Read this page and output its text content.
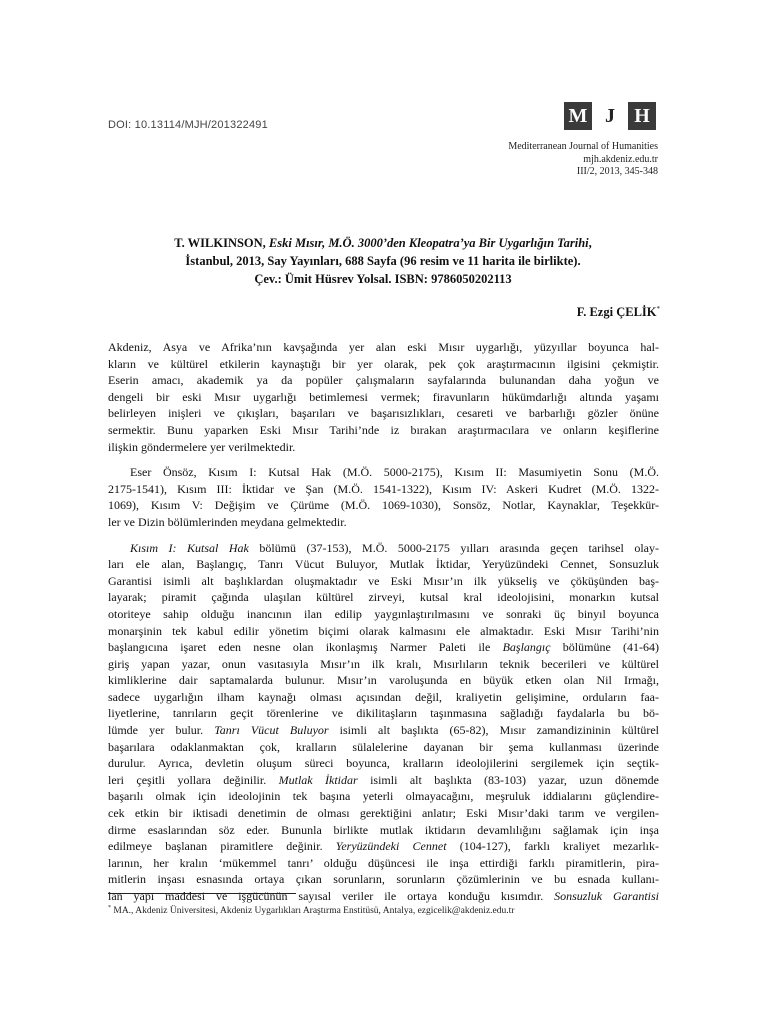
DOI: 10.13114/MJH/201322491	M J H
Mediterranean Journal of Humanities
mjh.akdeniz.edu.tr
III/2, 2013, 345-348
T. WILKINSON, Eski Mısır, M.Ö. 3000’den Kleopatra’ya Bir Uygarlığın Tarihi,
İstanbul, 2013, Say Yayınları, 688 Sayfa (96 resim ve 11 harita ile birlikte).
Çev.: Ümit Hüsrev Yolsal. ISBN: 9786050202113
F. Ezgi ÇELİK*

Akdeniz, Asya ve Afrika’nın kavşağında yer alan eski Mısır uygarlığı, yüzyıllar boyunca hal-
kların ve kültürel etkilerin kaynaştığı bir yer olarak, pek çok araştırmacının ilgisini çekmiştir.
Eserin amacı, akademik ya da popüler çalışmaların sayfalarında bulunandan daha yoğun ve
dengeli bir eski Mısır uygarlığı betimlemesi vermek; firavunların hükümdarlığı altında yaşamı
belirleyen inişleri ve çıkışları, başarıları ve başarısızlıkları, cesareti ve barbarlığı gözler önüne
sermektir. Bunu yaparken Eski Mısır Tarihi’nde iz bırakan araştırmacılara ve onların keşiflerine
ilişkin göndermelere yer verilmektedir.

Eser Önsöz, Kısım I: Kutsal Hak (M.Ö. 5000-2175), Kısım II: Masumiyetin Sonu (M.Ö.
2175-1541), Kısım III: İktidar ve Şan (M.Ö. 1541-1322), Kısım IV: Askeri Kudret (M.Ö. 1322-
1069), Kısım V: Değişim ve Çürüme (M.Ö. 1069-1030), Sonsöz, Notlar, Kaynaklar, Teşekkür-
ler ve Dizin bölümlerinden meydana gelmektedir.

Kısım I: Kutsal Hak bölümü (37-153), M.Ö. 5000-2175 yılları arasında geçen tarihsel olay-
ları ele alan, Başlangıç, Tanrı Vücut Buluyor, Mutlak İktidar, Yeryüzündeki Cennet, Sonsuzluk
Garantisi isimli alt başlıklardan oluşmaktadır ve Eski Mısır’ın ilk yükseliş ve çöküşünden baş-
layarak; piramit çağında ulaşılan kültürel zirveyi, kutsal kral ideolojisini, monarkın kutsal
otoriteye sahip olduğu inancının ilan edilip yaygınlaştırılmasını ve sonraki üç binyıl boyunca
monarşinin tek kabul edilir yönetim biçimi olarak kalmasını ele almaktadır. Eski Mısır Tarihi’nin
başlangıcına işaret eden nesne olan ikonlaşmış Narmer Paleti ile Başlangıç bölümüne (41-64)
giriş yapan yazar, onun vasıtasıyla Mısır’ın ilk kralı, Mısırlıların teknik becerileri ve kültürel
kimliklerine dair saptamalarda bulunur. Mısır’ın varoluşunda en büyük etken olan Nil Irmağı,
sadece uygarlığın ilham kaynağı olması açısından değil, kraliyetin gelişimine, orduların faa-
liyetlerine, tanrıların geçit törenlerine ve dikilitaşların taşınmasına sağladığı faydalarla bu bö-
lümde yer bulur. Tanrı Vücut Buluyor isimli alt başlıkta (65-82), Mısır zamandizininin kültürel
başarılara odaklanmaktan çok, kralların sülalelerine dayanan bir şema kullanması üzerinde
durulur. Ayrıca, devletin oluşum süreci boyunca, kralların ideolojilerini sergilemek için seçtik-
leri çeşitli yollara değinilir. Mutlak İktidar isimli alt başlıkta (83-103) yazar, uzun dönemde
başarılı olmak için ideolojinin tek başına yeterli olmayacağını, meşruluk iddialarını güçlendire-
cek etkin bir iktisadi denetimin de olması gerektiğini anlatır; Eski Mısır’daki tarım ve vergilen-
dirme esaslarından söz eder. Bununla birlikte mutlak iktidarın devamlılığını sağlamak için inşa
edilmeye başlanan piramitlere değinir. Yeryüzündeki Cennet (104-127), farklı kraliyet mezarlık-
larının, her kralın ‘mükemmel tanrı’ olduğu düşüncesi ile inşa ettirdiği farklı piramitlerin, pira-
mitlerin inşası esnasında ortaya çıkan sorunların, sorunların çözümlerinin ve bu esnada kullanı-
lan yapı maddesi ve işgücünün sayısal veriler ile ortaya konduğu kısımdır. Sonsuzluk Garantisi

* MA., Akdeniz Üniversitesi, Akdeniz Uygarlıkları Araştırma Enstitüsü, Antalya, ezgicelik@akdeniz.edu.tr
